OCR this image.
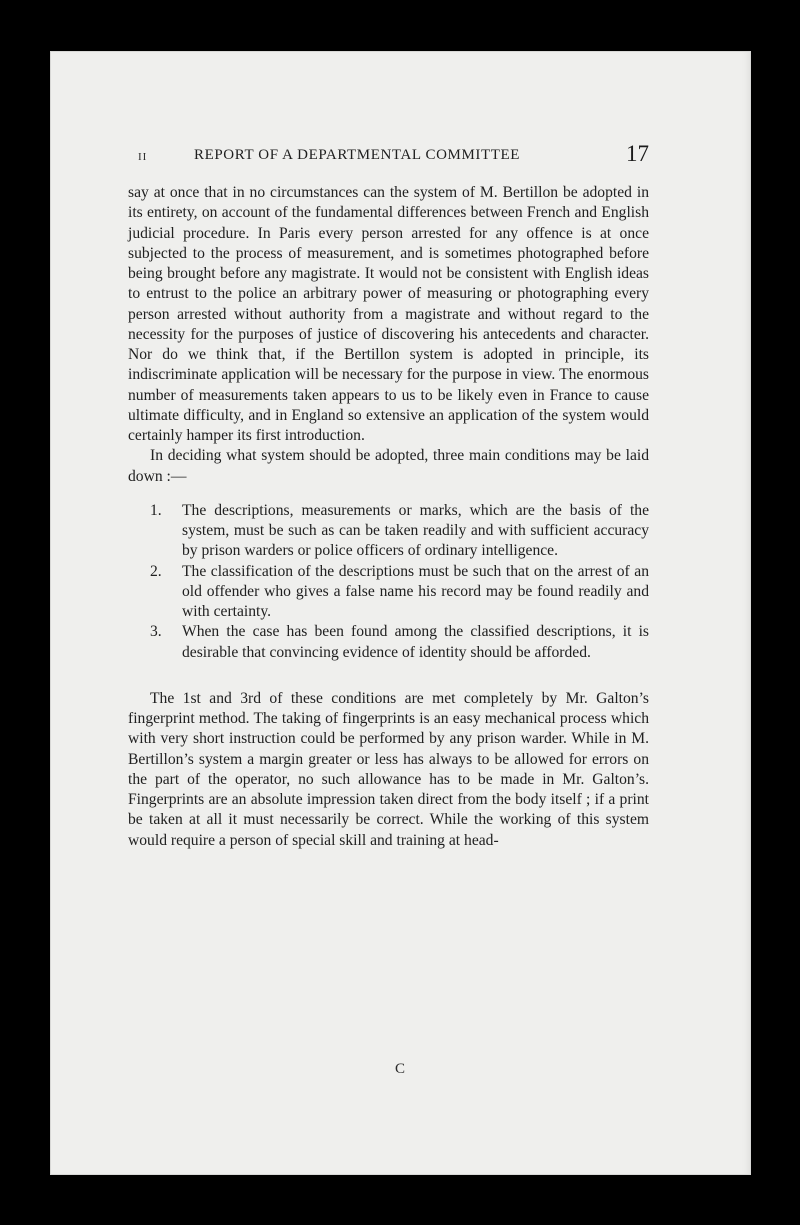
II	REPORT OF A DEPARTMENTAL COMMITTEE	17

say at once that in no circumstances can the system of M. Bertillon be adopted in its entirety, on account of the fundamental differences between French and English judicial procedure. In Paris every person arrested for any offence is at once subjected to the process of measurement, and is sometimes photographed before being brought before any magistrate. It would not be consistent with English ideas to entrust to the police an arbitrary power of measuring or photographing every person arrested without authority from a magistrate and without regard to the necessity for the purposes of justice of discovering his antecedents and character. Nor do we think that, if the Bertillon system is adopted in principle, its indiscriminate application will be necessary for the purpose in view. The enormous number of measurements taken appears to us to be likely even in France to cause ultimate difficulty, and in England so extensive an application of the system would certainly hamper its first introduction.

In deciding what system should be adopted, three main conditions may be laid down :—

1. The descriptions, measurements or marks, which are the basis of the system, must be such as can be taken readily and with sufficient accuracy by prison warders or police officers of ordinary intelligence.
2. The classification of the descriptions must be such that on the arrest of an old offender who gives a false name his record may be found readily and with certainty.
3. When the case has been found among the classified descriptions, it is desirable that convincing evidence of identity should be afforded.

The 1st and 3rd of these conditions are met completely by Mr. Galton’s fingerprint method. The taking of fingerprints is an easy mechanical process which with very short instruction could be performed by any prison warder. While in M. Bertillon’s system a margin greater or less has always to be allowed for errors on the part of the operator, no such allowance has to be made in Mr. Galton’s. Fingerprints are an absolute impression taken direct from the body itself ; if a print be taken at all it must necessarily be correct. While the working of this system would require a person of special skill and training at head-

C
